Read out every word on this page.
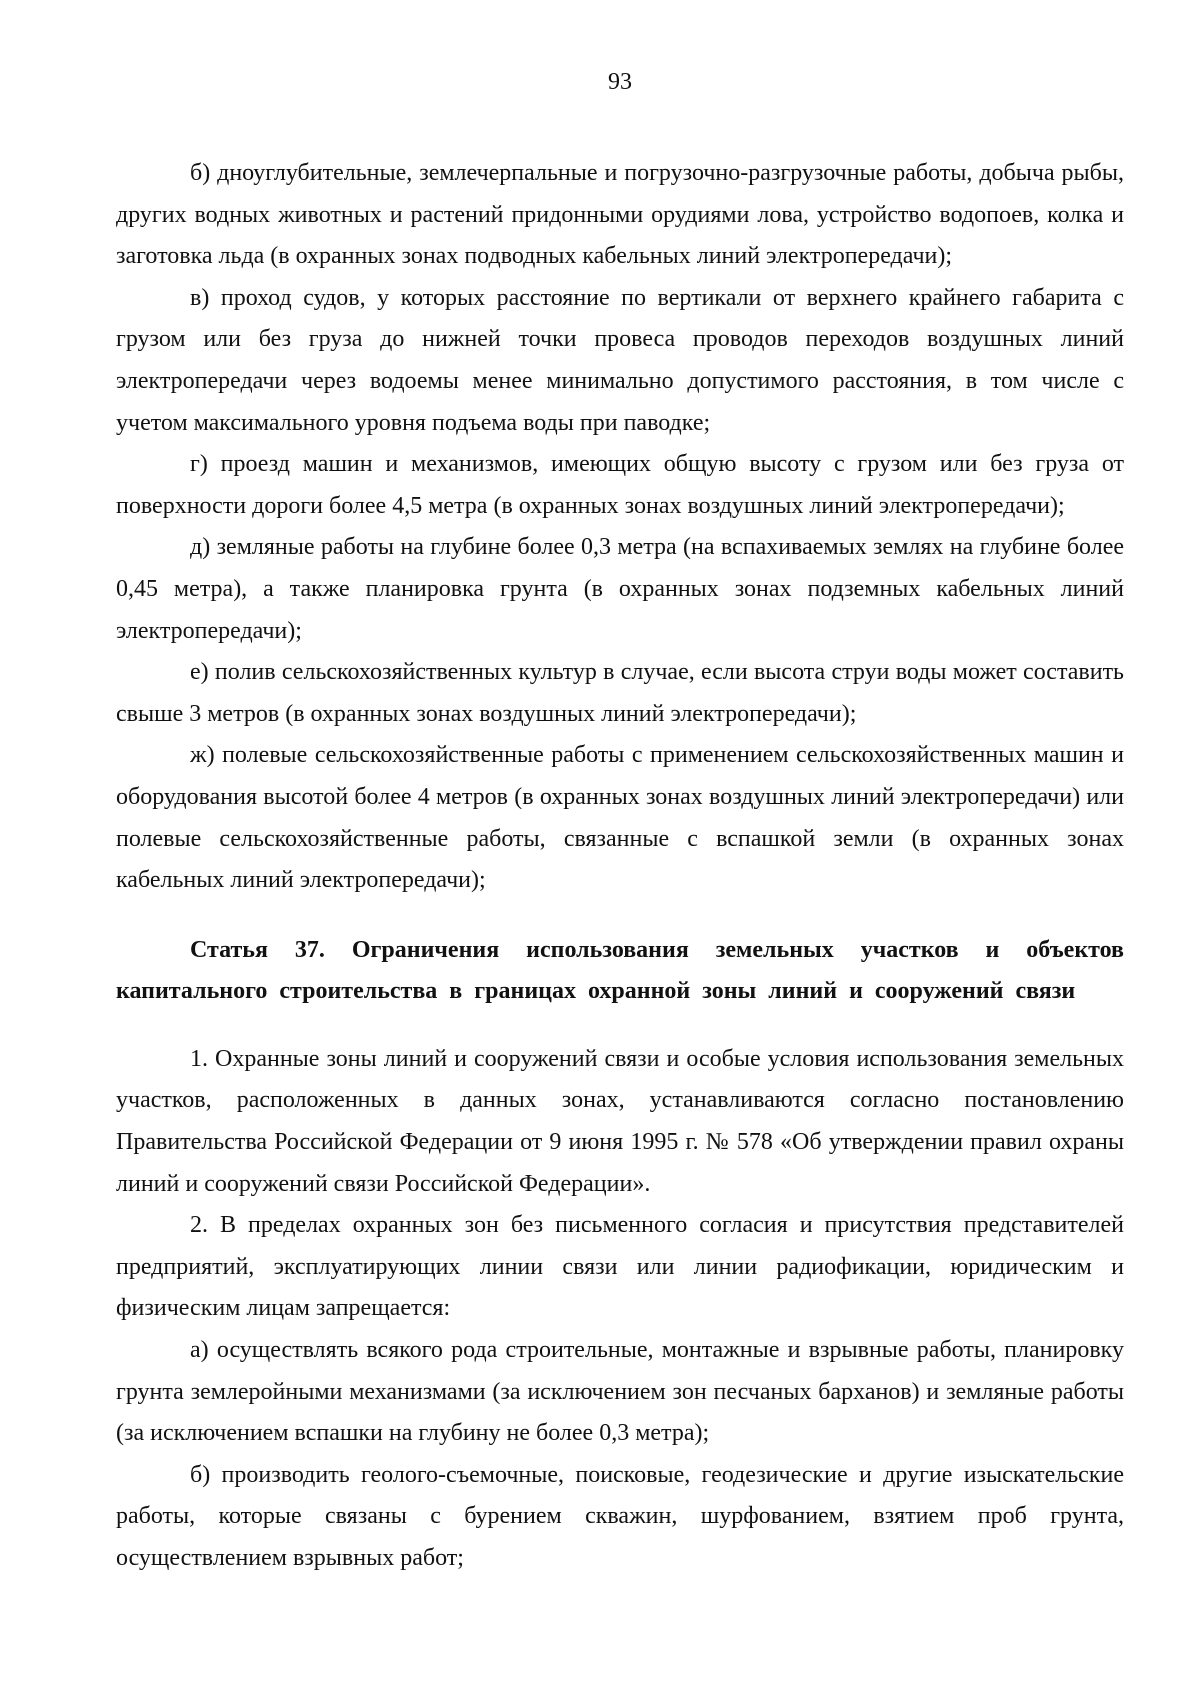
93

б) дноуглубительные, землечерпальные и погрузочно-разгрузочные работы, добыча рыбы, других водных животных и растений придонными орудиями лова, устройство водопоев, колка и заготовка льда (в охранных зонах подводных кабельных линий электропередачи);

в) проход судов, у которых расстояние по вертикали от верхнего крайнего габарита с грузом или без груза до нижней точки провеса проводов переходов воздушных линий электропередачи через водоемы менее минимально допустимого расстояния, в том числе с учетом максимального уровня подъема воды при паводке;

г) проезд машин и механизмов, имеющих общую высоту с грузом или без груза от поверхности дороги более 4,5 метра (в охранных зонах воздушных линий электропередачи);

д) земляные работы на глубине более 0,3 метра (на вспахиваемых землях на глубине более 0,45 метра), а также планировка грунта (в охранных зонах подземных кабельных линий электропередачи);

е) полив сельскохозяйственных культур в случае, если высота струи воды может составить свыше 3 метров (в охранных зонах воздушных линий электропередачи);

ж) полевые сельскохозяйственные работы с применением сельскохозяйственных машин и оборудования высотой более 4 метров (в охранных зонах воздушных линий электропередачи) или полевые сельскохозяйственные работы, связанные с вспашкой земли (в охранных зонах кабельных линий электропередачи);

Статья 37. Ограничения использования земельных участков и объектов капитального строительства в границах охранной зоны линий и сооружений связи

1. Охранные зоны линий и сооружений связи и особые условия использования земельных участков, расположенных в данных зонах, устанавливаются согласно постановлению Правительства Российской Федерации от 9 июня 1995 г. № 578 «Об утверждении правил охраны линий и сооружений связи Российской Федерации».

2. В пределах охранных зон без письменного согласия и присутствия представителей предприятий, эксплуатирующих линии связи или линии радиофикации, юридическим и физическим лицам запрещается:

а) осуществлять всякого рода строительные, монтажные и взрывные работы, планировку грунта землеройными механизмами (за исключением зон песчаных барханов) и земляные работы (за исключением вспашки на глубину не более 0,3 метра);

б) производить геолого-съемочные, поисковые, геодезические и другие изыскательские работы, которые связаны с бурением скважин, шурфованием, взятием проб грунта, осуществлением взрывных работ;
